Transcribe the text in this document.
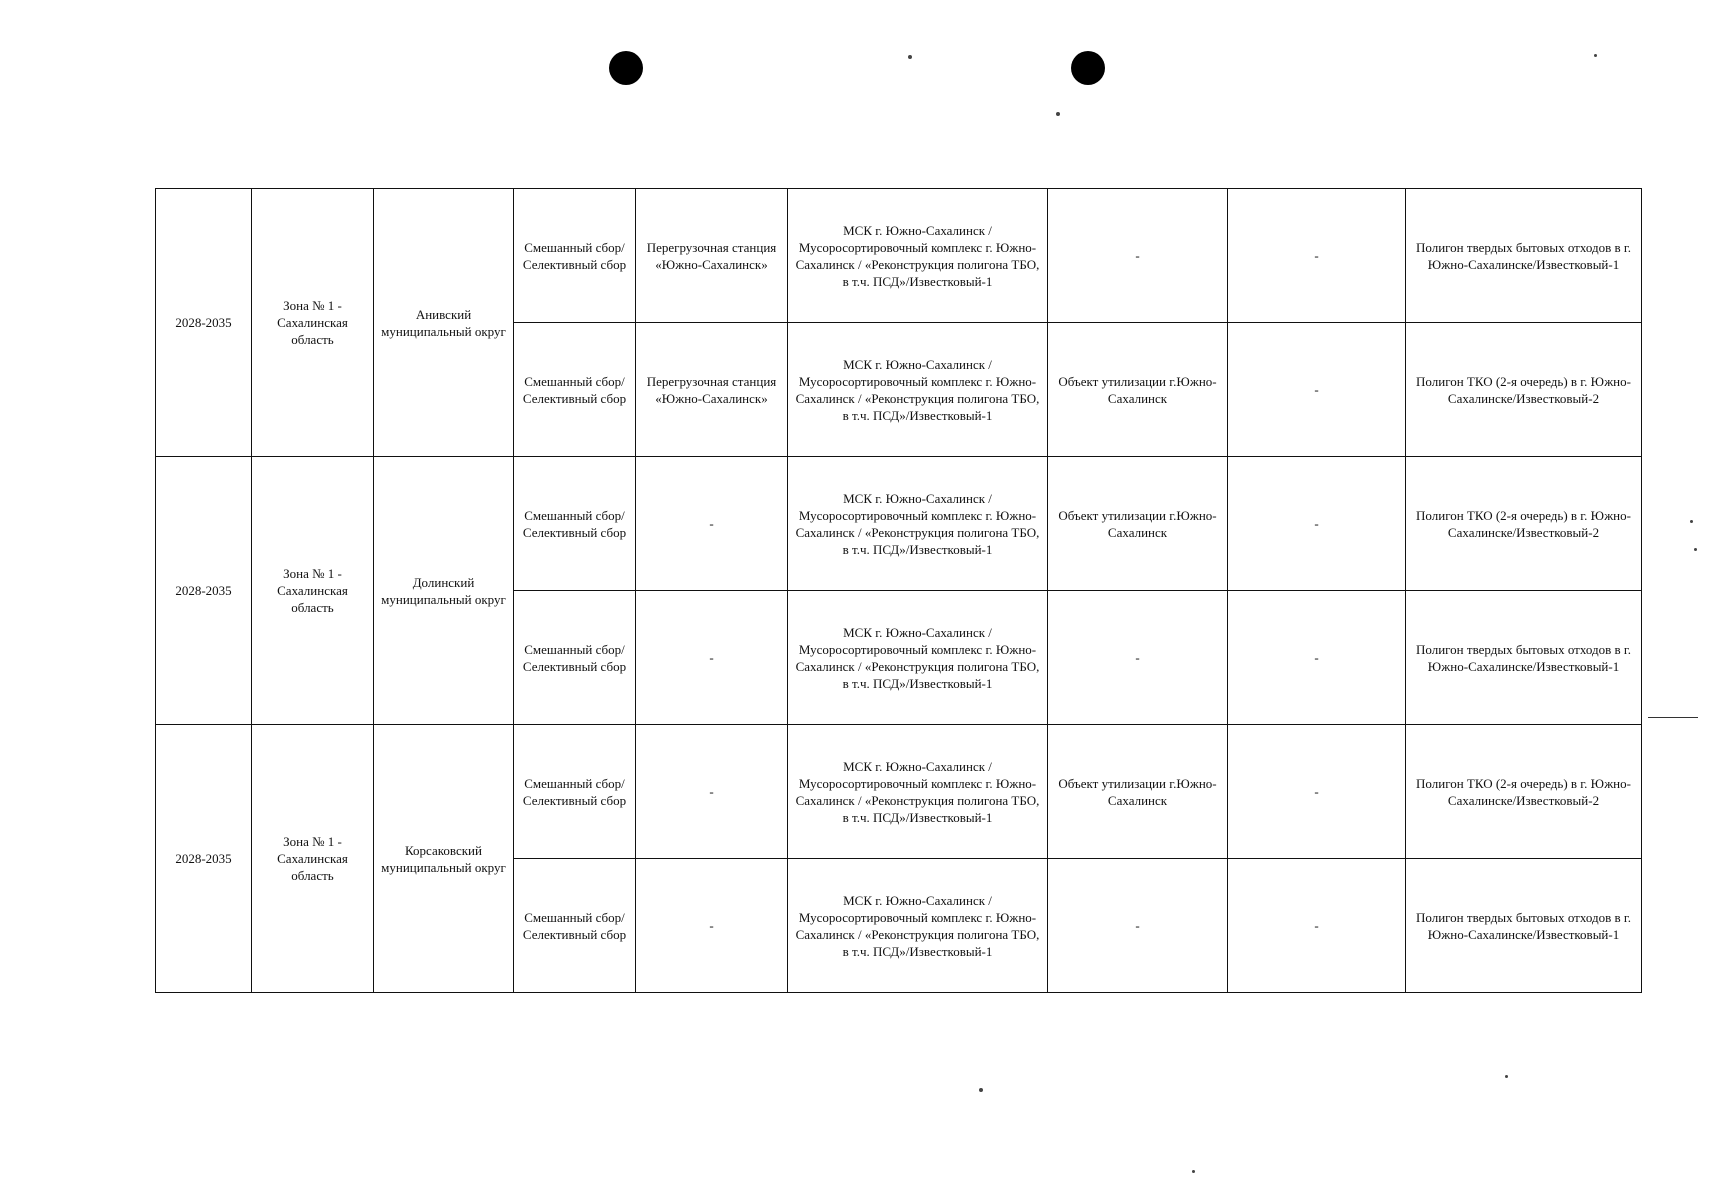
2028-2035	Зона № 1 - Сахалинская область	Анивский муниципальный округ	Смешанный сбор/ Селективный сбор	Перегрузочная станция «Южно-Сахалинск»	МСК г. Южно-Сахалинск / Мусоросортировочный комплекс г. Южно-Сахалинск / «Реконструкция полигона ТБО, в т.ч. ПСД»/Известковый-1	-	-	Полигон твердых бытовых отходов в г. Южно-Сахалинске/Известковый-1
			Смешанный сбор/ Селективный сбор	Перегрузочная станция «Южно-Сахалинск»	МСК г. Южно-Сахалинск / Мусоросортировочный комплекс г. Южно-Сахалинск / «Реконструкция полигона ТБО, в т.ч. ПСД»/Известковый-1	Объект утилизации г.Южно-Сахалинск	-	Полигон ТКО (2-я очередь) в г. Южно-Сахалинске/Известковый-2
2028-2035	Зона № 1 - Сахалинская область	Долинский муниципальный округ	Смешанный сбор/ Селективный сбор	-	МСК г. Южно-Сахалинск / Мусоросортировочный комплекс г. Южно-Сахалинск / «Реконструкция полигона ТБО, в т.ч. ПСД»/Известковый-1	Объект утилизации г.Южно-Сахалинск	-	Полигон ТКО (2-я очередь) в г. Южно-Сахалинске/Известковый-2
			Смешанный сбор/ Селективный сбор	-	МСК г. Южно-Сахалинск / Мусоросортировочный комплекс г. Южно-Сахалинск / «Реконструкция полигона ТБО, в т.ч. ПСД»/Известковый-1	-	-	Полигон твердых бытовых отходов в г. Южно-Сахалинске/Известковый-1
2028-2035	Зона № 1 - Сахалинская область	Корсаковский муниципальный округ	Смешанный сбор/ Селективный сбор	-	МСК г. Южно-Сахалинск / Мусоросортировочный комплекс г. Южно-Сахалинск / «Реконструкция полигона ТБО, в т.ч. ПСД»/Известковый-1	Объект утилизации г.Южно-Сахалинск	-	Полигон ТКО (2-я очередь) в г. Южно-Сахалинске/Известковый-2
			Смешанный сбор/ Селективный сбор	-	МСК г. Южно-Сахалинск / Мусоросортировочный комплекс г. Южно-Сахалинск / «Реконструкция полигона ТБО, в т.ч. ПСД»/Известковый-1	-	-	Полигон твердых бытовых отходов в г. Южно-Сахалинске/Известковый-1
